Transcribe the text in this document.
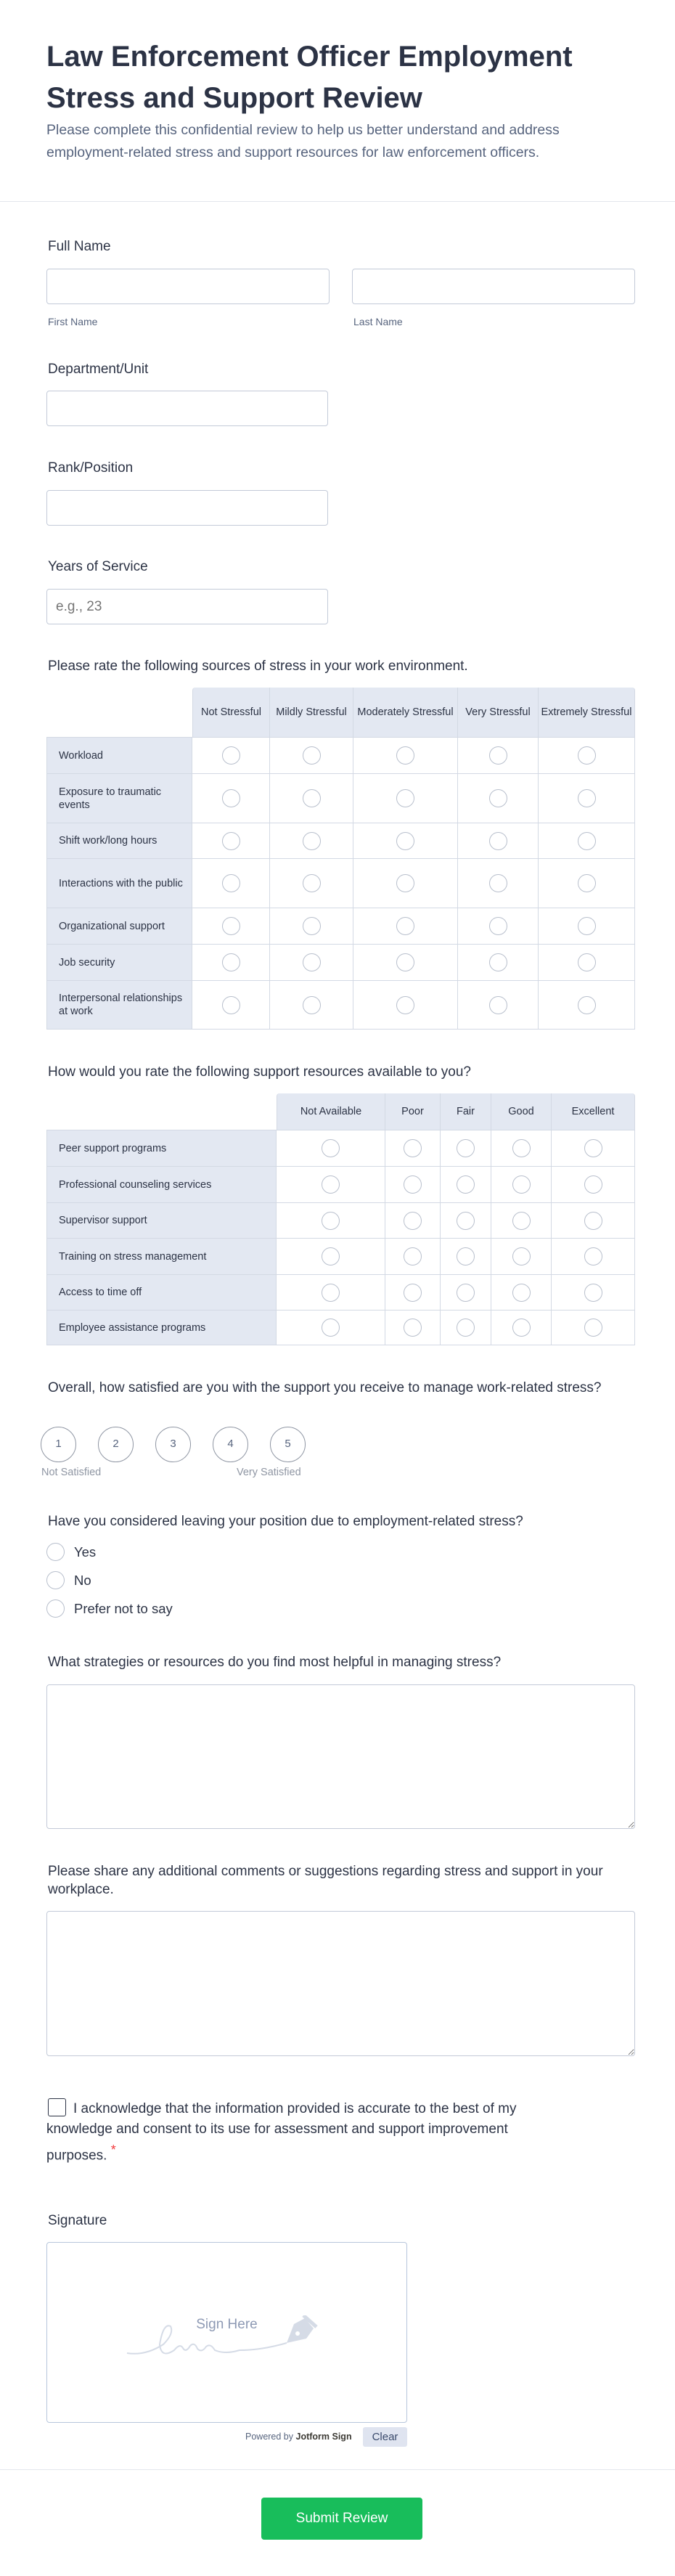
Law Enforcement Officer Employment Stress and Support Review
Please complete this confidential review to help us better understand and address employment-related stress and support resources for law enforcement officers.
Full Name
First Name	Last Name
Department/Unit
Rank/Position
Years of Service
e.g., 23
Please rate the following sources of stress in your work environment.
	Not Stressful	Mildly Stressful	Moderately Stressful	Very Stressful	Extremely Stressful
Workload					
Exposure to traumatic events					
Shift work/long hours					
Interactions with the public					
Organizational support					
Job security					
Interpersonal relationships at work					
How would you rate the following support resources available to you?
	Not Available	Poor	Fair	Good	Excellent
Peer support programs					
Professional counseling services					
Supervisor support					
Training on stress management					
Access to time off					
Employee assistance programs					
Overall, how satisfied are you with the support you receive to manage work-related stress?
1	2	3	4	5
Not Satisfied	Very Satisfied
Have you considered leaving your position due to employment-related stress?
Yes
No
Prefer not to say
What strategies or resources do you find most helpful in managing stress?
Please share any additional comments or suggestions regarding stress and support in your workplace.
I acknowledge that the information provided is accurate to the best of my knowledge and consent to its use for assessment and support improvement purposes. *
Signature
Sign Here
Powered by Jotform Sign	Clear
Submit Review
